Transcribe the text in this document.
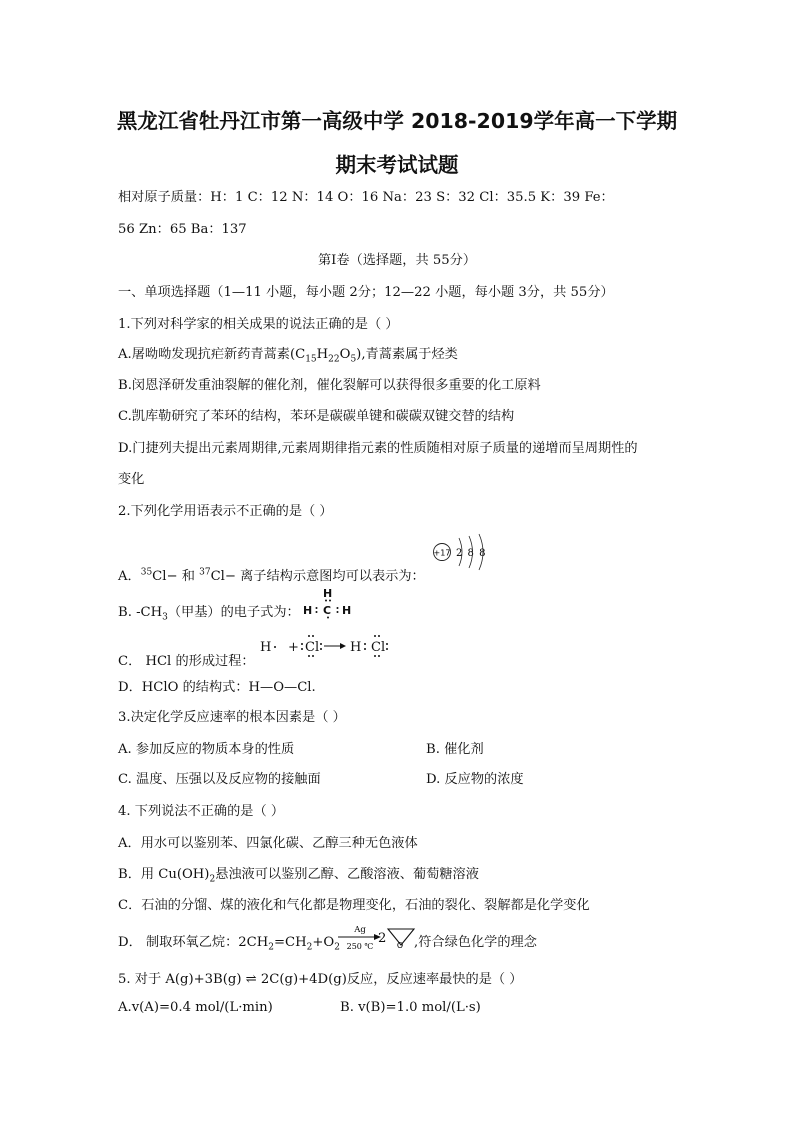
黑龙江省牡丹江市第一高级中学 2018-2019学年高一下学期
期末考试试题
相对原子质量：H：1 C：12 N：14 O：16 Na：23 S：32 Cl：35.5 K：39 Fe：
56 Zn：65 Ba：137
第Ⅰ卷（选择题，共 55分）
一、单项选择题（1—11 小题，每小题 2分；12—22 小题，每小题 3分，共 55分）
1.下列对科学家的相关成果的说法正确的是（ ）
A.屠呦呦发现抗疟新药青蒿素$(C_{15}H_{22}O_5)$,青蒿素属于烃类
B.闵恩泽研发重油裂解的催化剂，催化裂解可以获得很多重要的化工原料
C.凯库勒研究了苯环的结构，苯环是碳碳单键和碳碳双键交替的结构
D.门捷列夫提出元素周期律,元素周期律指元素的性质随相对原子质量的递增而呈周期性的
变化
2.下列化学用语表示不正确的是（ ）
A．$^{35}$Cl− 和 $^{37}$Cl− 离子结构示意图均可以表示为：
+17 2 8 8
B. $-CH_3$（甲基）的电子式为：
H
H C H
C． HCl 的形成过程：
H + Cl H Cl
D．HClO 的结构式：H—O—Cl.
3.决定化学反应速率的根本因素是（ ）
A. 参加反应的物质本身的性质	B. 催化剂
C. 温度、压强以及反应物的接触面	D. 反应物的浓度
4. 下列说法不正确的是（ ）
A．用水可以鉴别苯、四氯化碳、乙醇三种无色液体
B．用 $Cu(OH)_2$悬浊液可以鉴别乙醇、乙酸溶液、葡萄糖溶液
C．石油的分馏、煤的液化和气化都是物理变化，石油的裂化、裂解都是化学变化
D． 制取环氧乙烷：$2CH_2=CH_2+O_2$
Ag
250 ℃
2 O ,符合绿色化学的理念
5. 对于 A(g)+3B(g) ⇌ 2C(g)+4D(g)反应，反应速率最快的是（ ）
A.v(A)=0.4 mol/(L·min)	B. v(B)=1.0 mol/(L·s)
